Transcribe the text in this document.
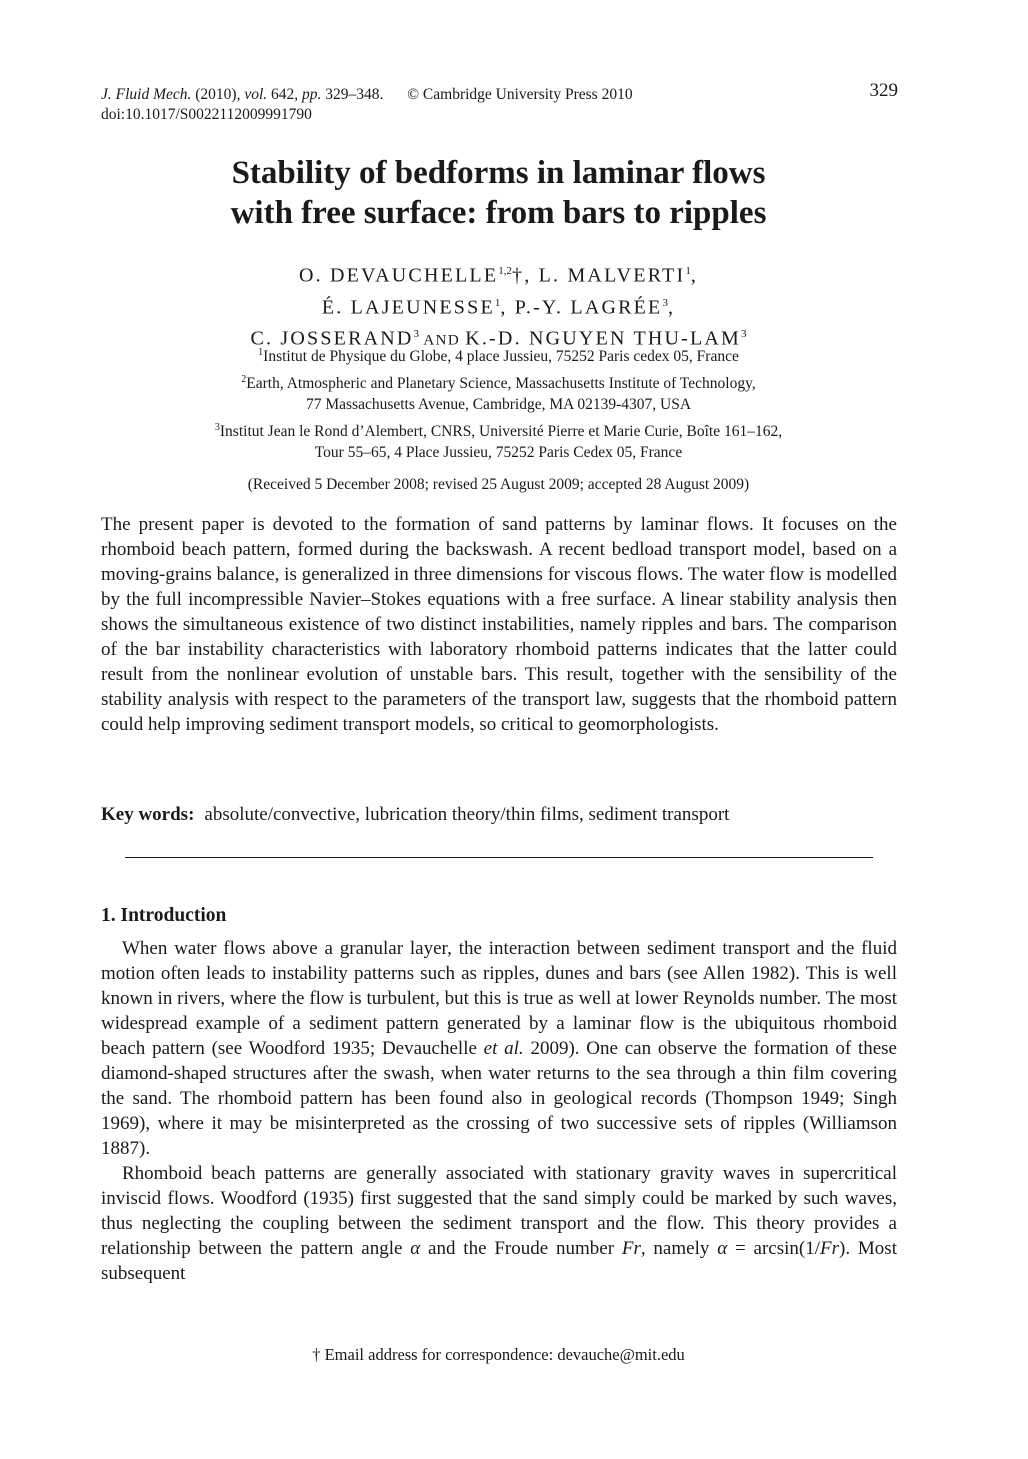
J. Fluid Mech. (2010), vol. 642, pp. 329–348. © Cambridge University Press 2010
doi:10.1017/S0022112009991790
329
Stability of bedforms in laminar flows
with free surface: from bars to ripples
O. DEVAUCHELLE$^{1,2}$†, L. MALVERTI$^1$,
É. LAJEUNESSE$^1$, P.-Y. LAGRÉE$^3$,
C. JOSSERAND$^3$ AND K.-D. NGUYEN THU-LAM$^3$
$^1$Institut de Physique du Globe, 4 place Jussieu, 75252 Paris cedex 05, France
$^2$Earth, Atmospheric and Planetary Science, Massachusetts Institute of Technology,
77 Massachusetts Avenue, Cambridge, MA 02139-4307, USA
$^3$Institut Jean le Rond d’Alembert, CNRS, Université Pierre et Marie Curie, Boîte 161–162,
Tour 55–65, 4 Place Jussieu, 75252 Paris Cedex 05, France
(Received 5 December 2008; revised 25 August 2009; accepted 28 August 2009)
The present paper is devoted to the formation of sand patterns by laminar flows. It focuses on the rhomboid beach pattern, formed during the backswash. A recent bedload transport model, based on a moving-grains balance, is generalized in three dimensions for viscous flows. The water flow is modelled by the full incompressible Navier–Stokes equations with a free surface. A linear stability analysis then shows the simultaneous existence of two distinct instabilities, namely ripples and bars. The comparison of the bar instability characteristics with laboratory rhomboid patterns indicates that the latter could result from the nonlinear evolution of unstable bars. This result, together with the sensibility of the stability analysis with respect to the parameters of the transport law, suggests that the rhomboid pattern could help improving sediment transport models, so critical to geomorphologists.
Key words: absolute/convective, lubrication theory/thin films, sediment transport
1. Introduction

When water flows above a granular layer, the interaction between sediment transport and the fluid motion often leads to instability patterns such as ripples, dunes and bars (see Allen 1982). This is well known in rivers, where the flow is turbulent, but this is true as well at lower Reynolds number. The most widespread example of a sediment pattern generated by a laminar flow is the ubiquitous rhomboid beach pattern (see Woodford 1935; Devauchelle et al. 2009). One can observe the formation of these diamond-shaped structures after the swash, when water returns to the sea through a thin film covering the sand. The rhomboid pattern has been found also in geological records (Thompson 1949; Singh 1969), where it may be misinterpreted as the crossing of two successive sets of ripples (Williamson 1887).

Rhomboid beach patterns are generally associated with stationary gravity waves in supercritical inviscid flows. Woodford (1935) first suggested that the sand simply could be marked by such waves, thus neglecting the coupling between the sediment transport and the flow. This theory provides a relationship between the pattern angle α and the Froude number Fr, namely α = arcsin(1/Fr). Most subsequent

† Email address for correspondence: devauche@mit.edu
